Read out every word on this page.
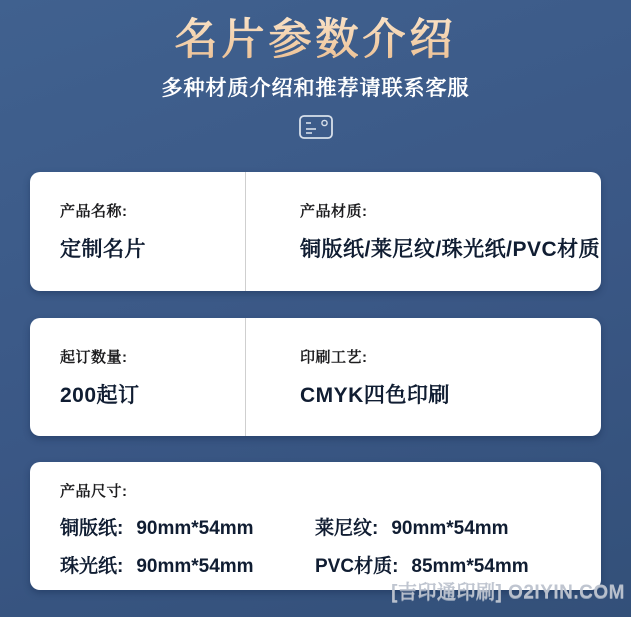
名片参数介绍
多种材质介绍和推荐请联系客服
产品名称:
定制名片
产品材质:
铜版纸/莱尼纹/珠光纸/PVC材质
起订数量:
200起订
印刷工艺:
CMYK四色印刷
产品尺寸:
铜版纸: 90mm*54mm	莱尼纹: 90mm*54mm
珠光纸: 90mm*54mm	PVC材质: 85mm*54mm
[吉印通印刷] O2IYIN.COM
